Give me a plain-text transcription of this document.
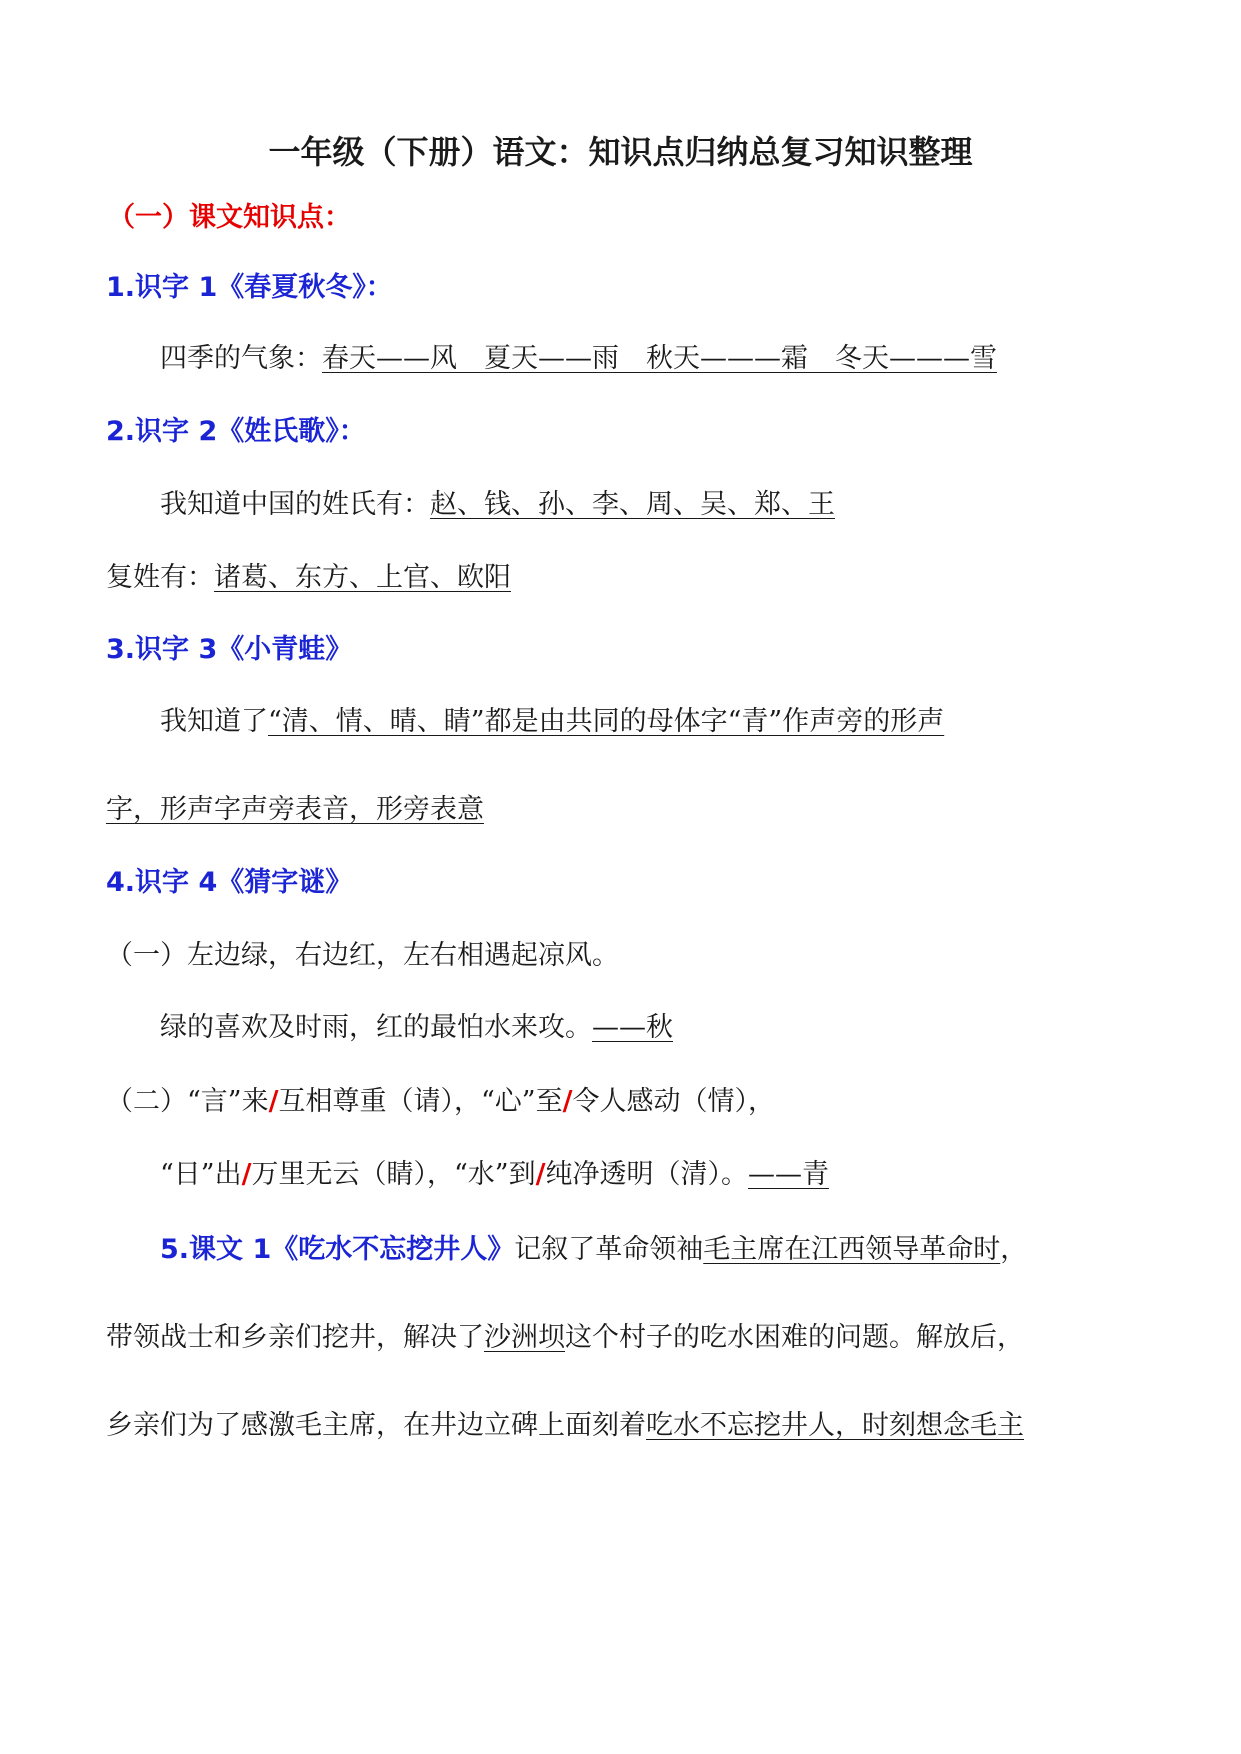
一年级（下册）语文：知识点归纳总复习知识整理
（一）课文知识点：
1.识字 1《春夏秋冬》：
四季的气象：春天——风　夏天——雨　秋天———霜　冬天———雪
2.识字 2《姓氏歌》：
我知道中国的姓氏有：赵、钱、孙、李、周、吴、郑、王
复姓有：诸葛、东方、上官、欧阳
3.识字 3《小青蛙》
我知道了“清、情、晴、睛”都是由共同的母体字“青”作声旁的形声
字，形声字声旁表音，形旁表意
4.识字 4《猜字谜》
（一）左边绿，右边红，左右相遇起凉风。
绿的喜欢及时雨，红的最怕水来攻。——秋
（二）“言”来/互相尊重（请），“心”至/令人感动（情），
“日”出/万里无云（睛），“水”到/纯净透明（清）。——青
5.课文 1《吃水不忘挖井人》记叙了革命领袖毛主席在江西领导革命时，
带领战士和乡亲们挖井，解决了沙洲坝这个村子的吃水困难的问题。解放后，
乡亲们为了感激毛主席，在井边立碑上面刻着吃水不忘挖井人，时刻想念毛主
